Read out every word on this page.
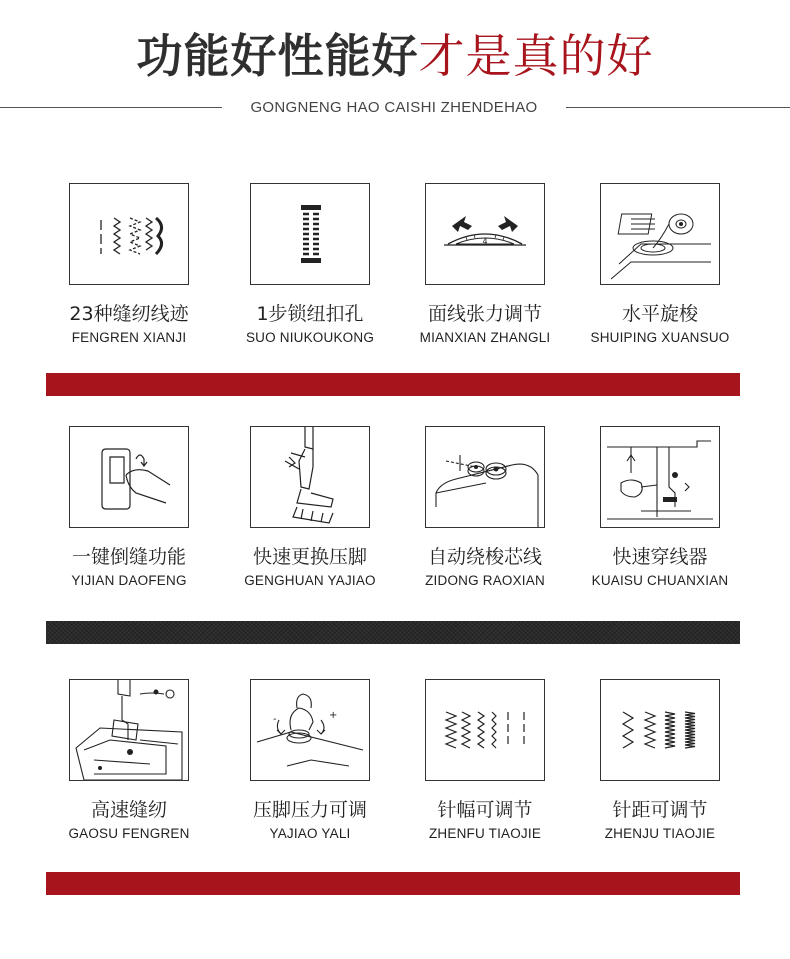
功能好性能好才是真的好
GONGNENG HAO CAISHI ZHENDEHAO
23种缝纫线迹
FENGREN XIANJI
1步锁纽扣孔
SUO NIUKOUKONG
4
面线张力调节
MIANXIAN ZHANGLI
水平旋梭
SHUIPING XUANSUO
一键倒缝功能
YIJIAN DAOFENG
快速更换压脚
GENGHUAN YAJIAO
自动绕梭芯线
ZIDONG RAOXIAN
快速穿线器
KUAISU CHUANXIAN
高速缝纫
GAOSU FENGREN
-	+
压脚压力可调
YAJIAO YALI
针幅可调节
ZHENFU TIAOJIE
针距可调节
ZHENJU TIAOJIE
